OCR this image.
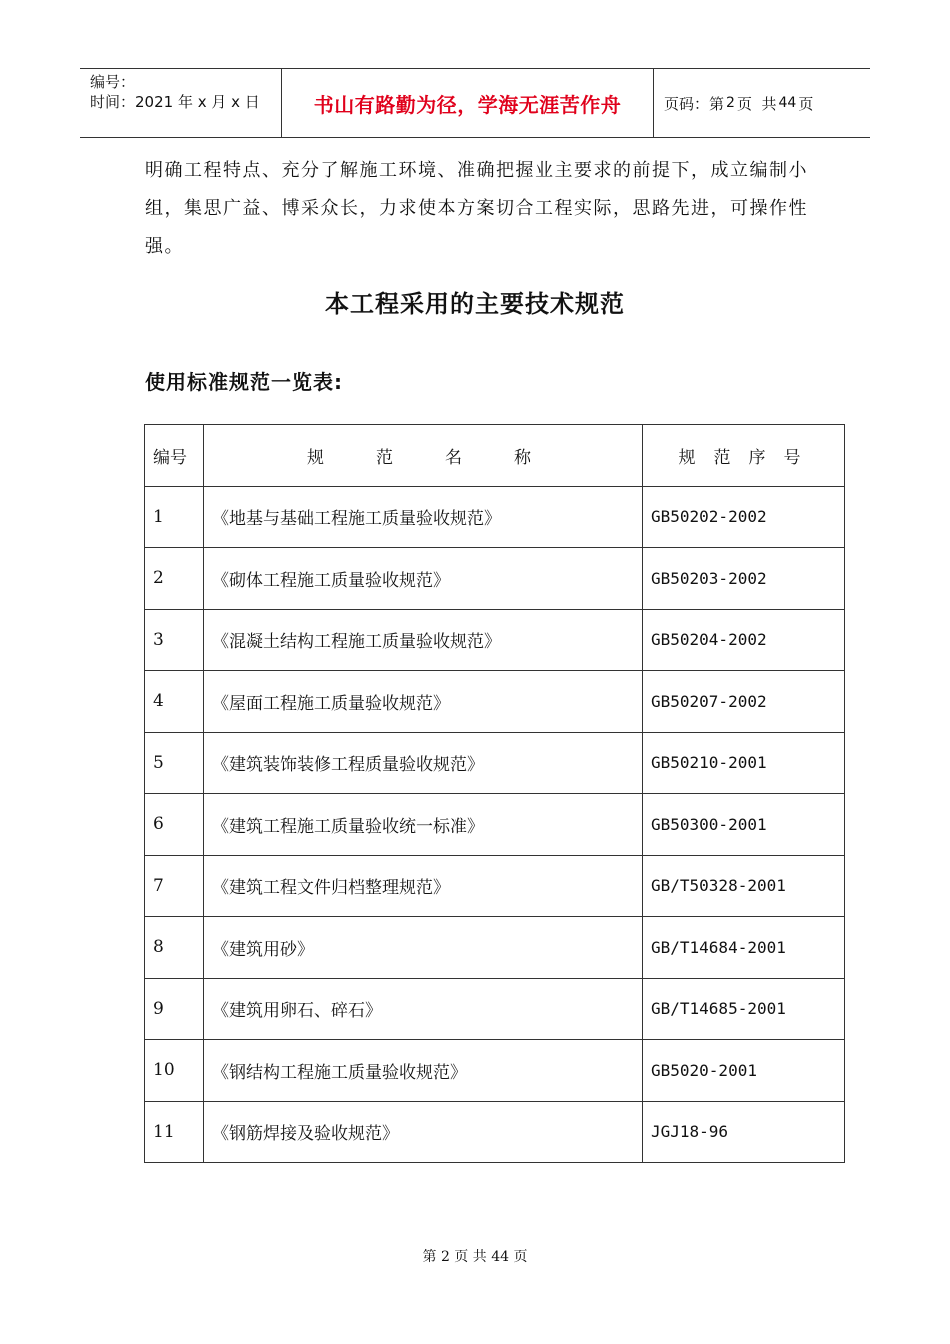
编号：
时间：2021 年 x 月 x 日	书山有路勤为径，学海无涯苦作舟	页码：第 2 页  共 44 页

明确工程特点、充分了解施工环境、准确把握业主要求的前提下，成立编制小组，集思广益、博采众长，力求使本方案切合工程实际，思路先进，可操作性强。

本工程采用的主要技术规范
使用标准规范一览表:
编号	规范名称	规范序号
1	《地基与基础工程施工质量验收规范》	GB50202-2002
2	《砌体工程施工质量验收规范》	GB50203-2002
3	《混凝土结构工程施工质量验收规范》	GB50204-2002
4	《屋面工程施工质量验收规范》	GB50207-2002
5	《建筑装饰装修工程质量验收规范》	GB50210-2001
6	《建筑工程施工质量验收统一标准》	GB50300-2001
7	《建筑工程文件归档整理规范》	GB/T50328-2001
8	《建筑用砂》	GB/T14684-2001
9	《建筑用卵石、碎石》	GB/T14685-2001
10	《钢结构工程施工质量验收规范》	GB5020-2001
11	《钢筋焊接及验收规范》	JGJ18-96
第 2 页 共 44 页
